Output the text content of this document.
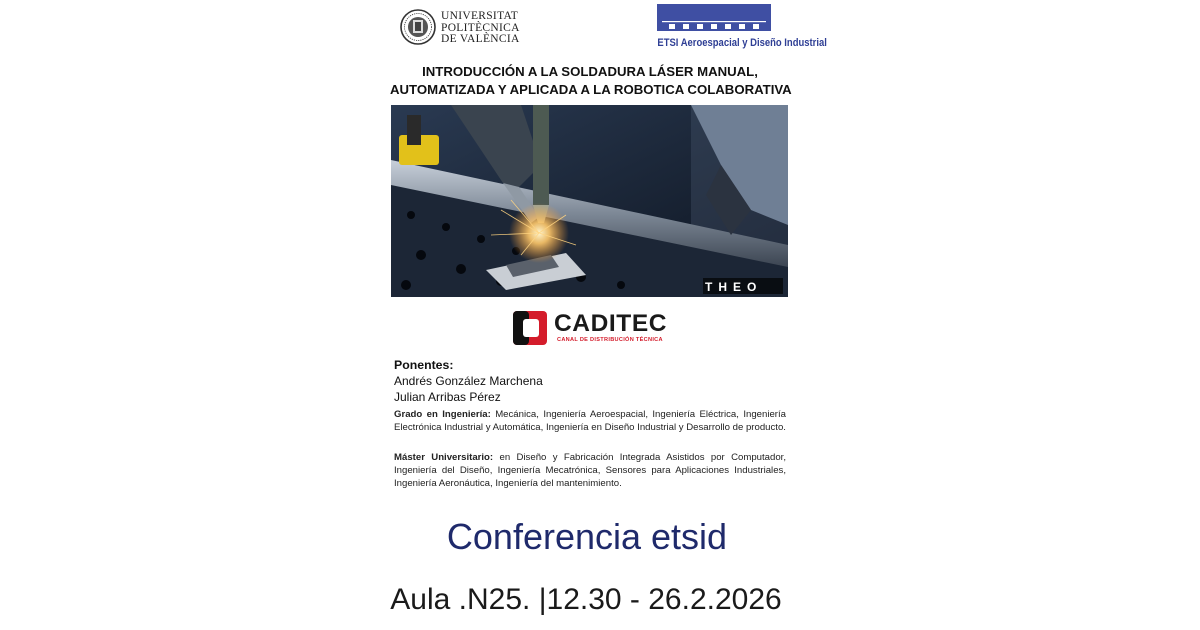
UNIVERSITAT
POLITÈCNICA
DE VALÈNCIA	ETSI Aeroespacial y Diseño Industrial
INTRODUCCIÓN A LA SOLDADURA LÁSER MANUAL,
AUTOMATIZADA Y APLICADA A LA ROBOTICA COLABORATIVA
THEO
CADITEC
CANAL DE DISTRIBUCIÓN TÉCNICA
Ponentes:
Andrés González Marchena
Julian Arribas Pérez
Grado en Ingeniería: Mecánica, Ingeniería Aeroespacial, Ingeniería Eléctrica, Ingeniería Electrónica Industrial y Automática, Ingeniería en Diseño Industrial y Desarrollo de producto.
Máster Universitario: en Diseño y Fabricación Integrada Asistidos por Computador, Ingeniería del Diseño, Ingeniería Mecatrónica, Sensores para Aplicaciones Industriales, Ingeniería Aeronáutica, Ingeniería del mantenimiento.
Conferencia etsid
Aula .N25. |12.30 - 26.2.2026
